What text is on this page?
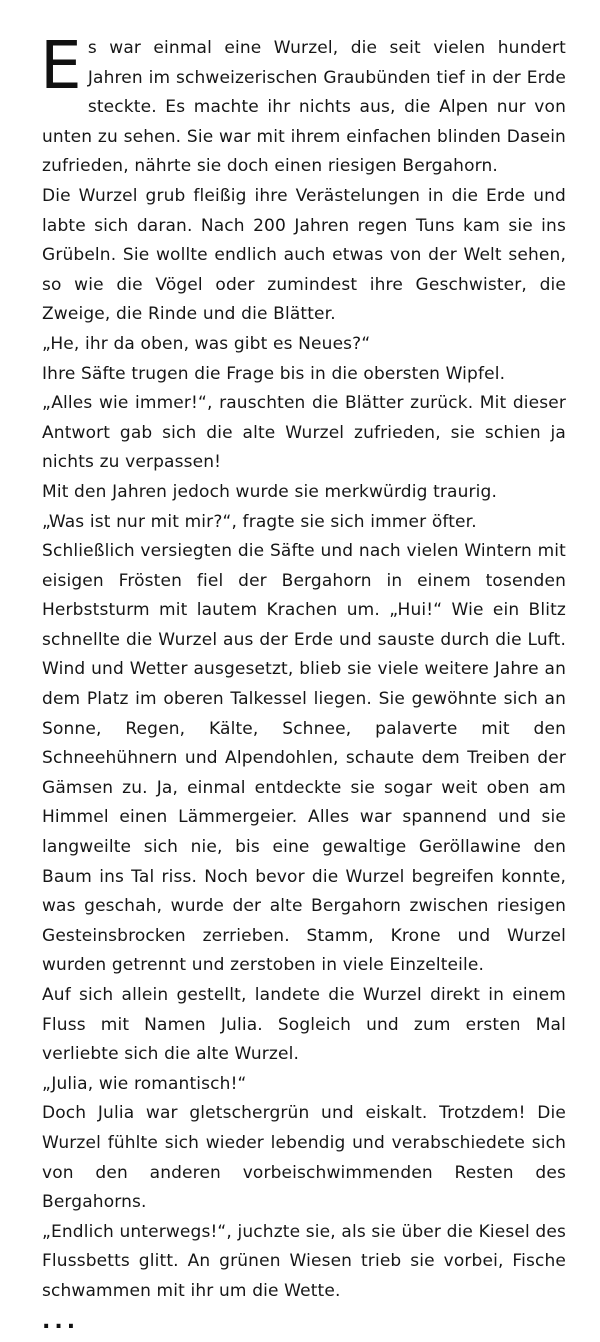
Es war einmal eine Wurzel, die seit vielen hundert Jahren im schweizerischen Graubünden tief in der Erde steckte. Es machte ihr nichts aus, die Alpen nur von unten zu sehen. Sie war mit ihrem einfachen blinden Dasein zufrieden, nährte sie doch einen riesigen Bergahorn.

Die Wurzel grub fleißig ihre Verästelungen in die Erde und labte sich daran. Nach 200 Jahren regen Tuns kam sie ins Grübeln. Sie wollte endlich auch etwas von der Welt sehen, so wie die Vögel oder zumindest ihre Geschwister, die Zweige, die Rinde und die Blätter.

„He, ihr da oben, was gibt es Neues?“

Ihre Säfte trugen die Frage bis in die obersten Wipfel.

„Alles wie immer!“, rauschten die Blätter zurück. Mit dieser Antwort gab sich die alte Wurzel zufrieden, sie schien ja nichts zu verpassen!

Mit den Jahren jedoch wurde sie merkwürdig traurig.

„Was ist nur mit mir?“, fragte sie sich immer öfter.

Schließlich versiegten die Säfte und nach vielen Wintern mit eisigen Frösten fiel der Bergahorn in einem tosenden Herbststurm mit lautem Krachen um. „Hui!“ Wie ein Blitz schnellte die Wurzel aus der Erde und sauste durch die Luft. Wind und Wetter ausgesetzt, blieb sie viele weitere Jahre an dem Platz im oberen Talkessel liegen. Sie gewöhnte sich an Sonne, Regen, Kälte, Schnee, palaverte mit den Schneehühnern und Alpendohlen, schaute dem Treiben der Gämsen zu. Ja, einmal entdeckte sie sogar weit oben am Himmel einen Lämmergeier. Alles war spannend und sie langweilte sich nie, bis eine gewaltige Geröllawine den Baum ins Tal riss. Noch bevor die Wurzel begreifen konnte, was geschah, wurde der alte Bergahorn zwischen riesigen Gesteinsbrocken zerrieben. Stamm, Krone und Wurzel wurden getrennt und zerstoben in viele Einzelteile.

Auf sich allein gestellt, landete die Wurzel direkt in einem Fluss mit Namen Julia. Sogleich und zum ersten Mal verliebte sich die alte Wurzel.

„Julia, wie romantisch!“

Doch Julia war gletschergrün und eiskalt. Trotzdem! Die Wurzel fühlte sich wieder lebendig und verabschiedete sich von den anderen vorbeischwimmenden Resten des Bergahorns.

„Endlich unterwegs!“, juchzte sie, als sie über die Kiesel des Flussbetts glitt. An grünen Wiesen trieb sie vorbei, Fische schwammen mit ihr um die Wette.

...
